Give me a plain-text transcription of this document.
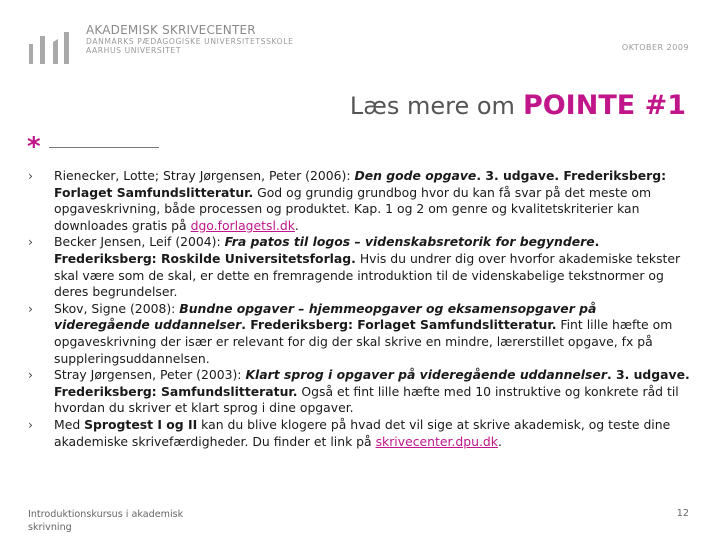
AKADEMISK SKRIVECENTER
DANMARKS PÆDAGOGISKE UNIVERSITETSSKOLE
AARHUS UNIVERSITET	OKTOBER 2009
Læs mere om POINTE #1
*
› Rienecker, Lotte; Stray Jørgensen, Peter (2006): Den gode opgave. 3. udgave. Frederiksberg: Forlaget Samfundslitteratur. God og grundig grundbog hvor du kan få svar på det meste om opgaveskrivning, både processen og produktet. Kap. 1 og 2 om genre og kvalitetskriterier kan downloades gratis på dgo.forlagetsl.dk.
› Becker Jensen, Leif (2004): Fra patos til logos – videnskabsretorik for begyndere. Frederiksberg: Roskilde Universitetsforlag. Hvis du undrer dig over hvorfor akademiske tekster skal være som de skal, er dette en fremragende introduktion til de videnskabelige tekstnormer og deres begrundelser.
› Skov, Signe (2008): Bundne opgaver – hjemmeopgaver og eksamensopgaver på videregående uddannelser. Frederiksberg: Forlaget Samfundslitteratur. Fint lille hæfte om opgaveskrivning der især er relevant for dig der skal skrive en mindre, lærerstillet opgave, fx på suppleringsuddannelsen.
› Stray Jørgensen, Peter (2003): Klart sprog i opgaver på videregående uddannelser. 3. udgave. Frederiksberg: Samfundslitteratur. Også et fint lille hæfte med 10 instruktive og konkrete råd til hvordan du skriver et klart sprog i dine opgaver.
› Med Sprogtest I og II kan du blive klogere på hvad det vil sige at skrive akademisk, og teste dine akademiske skrivefærdigheder. Du finder et link på skrivecenter.dpu.dk.
Introduktionskursus i akademisk skrivning
12
